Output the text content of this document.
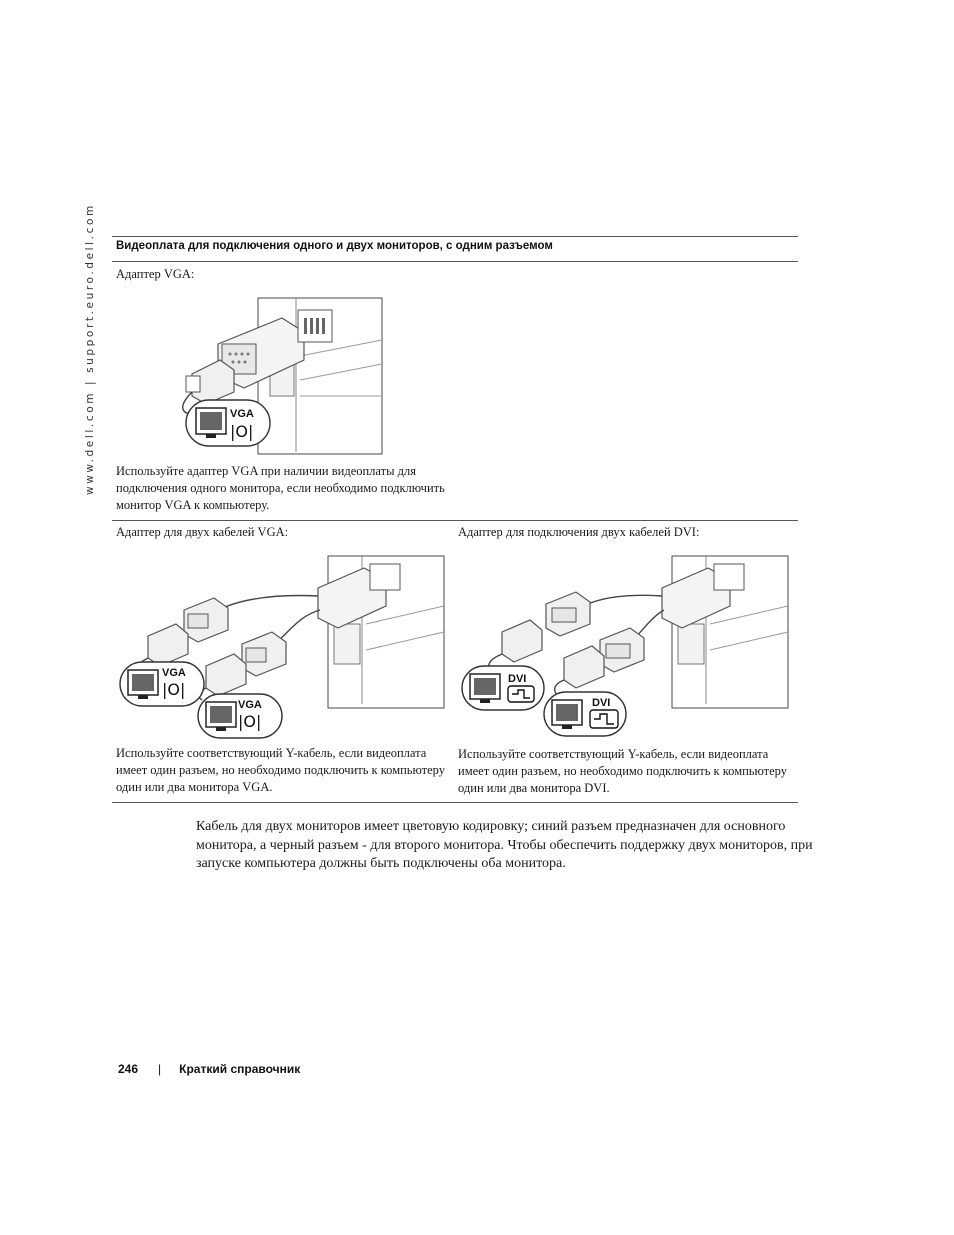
www.dell.com | support.euro.dell.com Видеоплата для подключения одного и двух мониторов, с одним разъемом
Адаптер VGA:
VGA
|O|
Используйте адаптер VGA при наличии видеоплаты для подключения одного монитора, если необходимо подключить монитор VGA к компьютеру.
Адаптер для двух кабелей VGA:
VGA
|O|
VGA
|O|
Используйте соответствующий Y-кабель, если видеоплата имеет один разъем, но необходимо подключить к компьютеру один или два монитора VGA.
Адаптер для подключения двух кабелей DVI:
DVI
DVI
Используйте соответствующий Y-кабель, если видеоплата имеет один разъем, но необходимо подключить к компьютеру один или два монитора DVI.
Кабель для двух мониторов имеет цветовую кодировку; синий разъем предназначен для основного монитора, а черный разъем - для второго монитора. Чтобы обеспечить поддержку двух мониторов, при запуске компьютера должны быть подключены оба монитора.
246 | Краткий справочник
